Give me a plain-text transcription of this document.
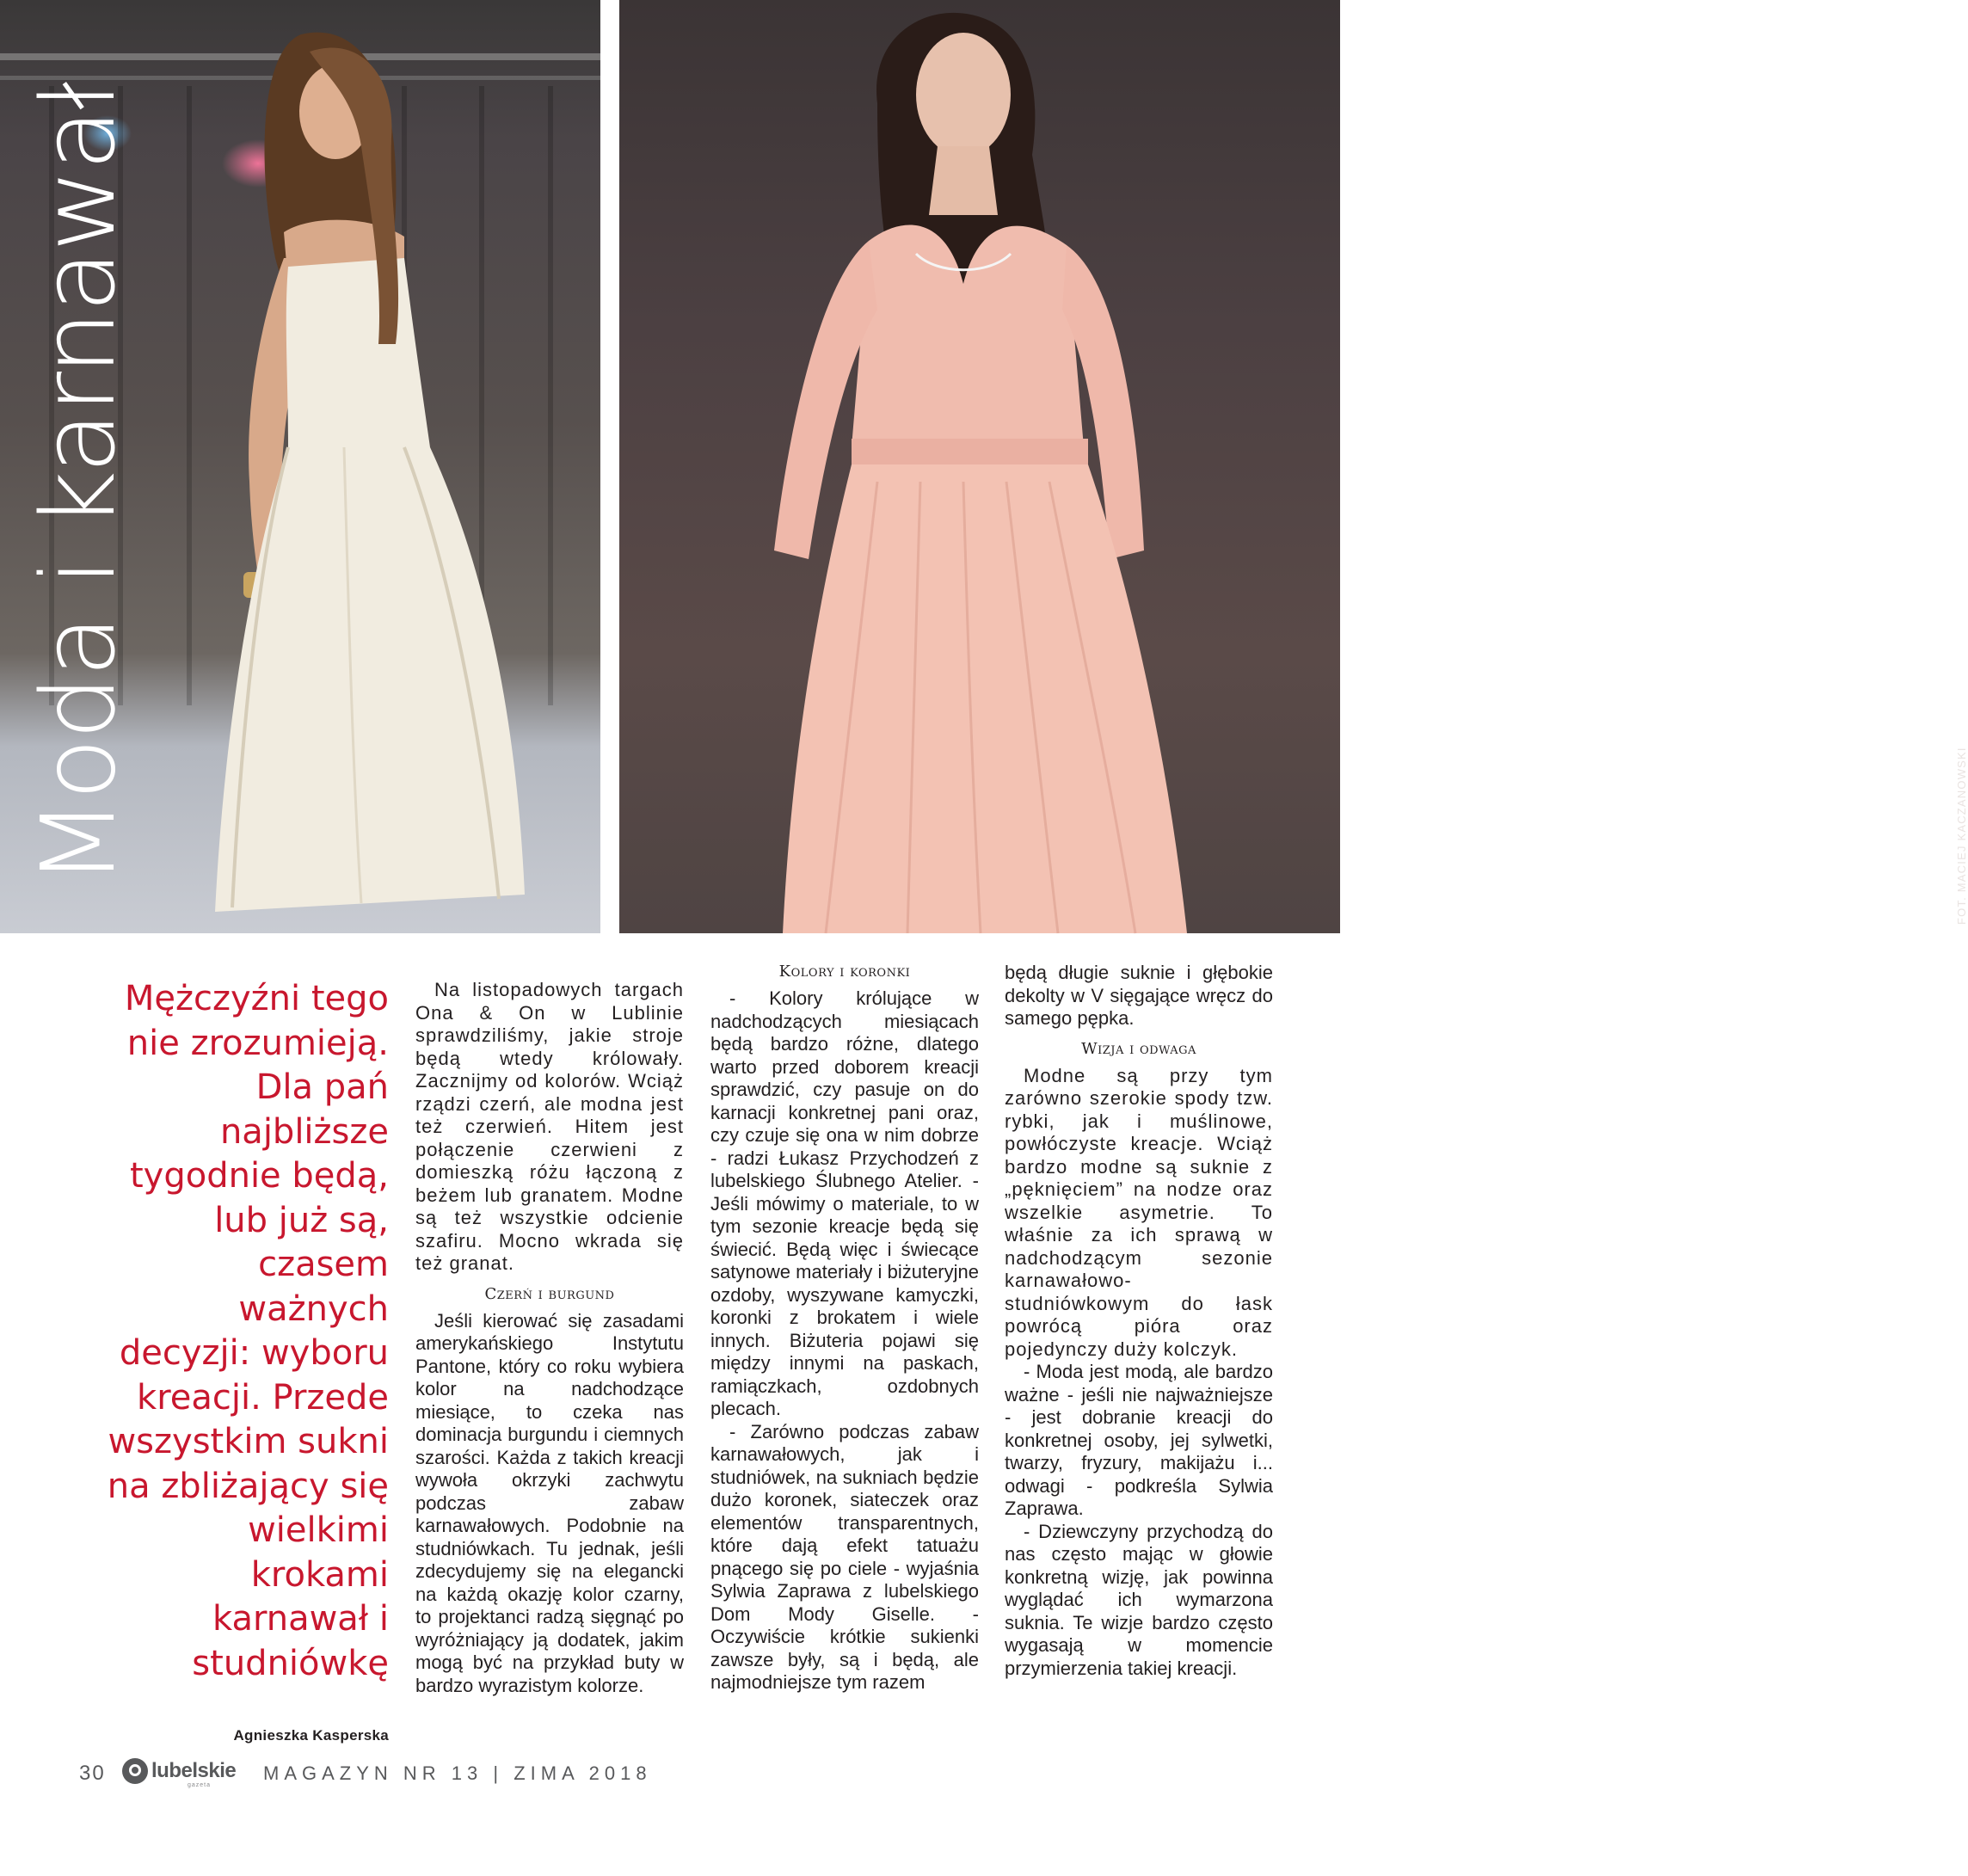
Moda i karnawał	FOT. MACIEJ KACZANOWSKI

Mężczyźni tego nie zrozumieją. Dla pań najbliższe tygodnie będą, lub już są, czasem ważnych decyzji: wyboru kreacji. Przede wszystkim sukni na zbliżający się wielkimi krokami karnawał i studniówkę

Agnieszka Kasperska

Na listopadowych targach Ona & On w Lublinie sprawdziliśmy, jakie stroje będą wtedy królowały. Zacznijmy od kolorów. Wciąż rządzi czerń, ale modna jest też czerwień. Hitem jest połączenie czerwieni z domieszką różu łączoną z beżem lub granatem. Modne są też wszystkie odcienie szafiru. Mocno wkrada się też granat.

Czerń i burgund

Jeśli kierować się zasadami amerykańskiego Instytutu Pantone, który co roku wybiera kolor na nadchodzące miesiące, to czeka nas dominacja burgundu i ciemnych szarości. Każda z takich kreacji wywoła okrzyki zachwytu podczas zabaw karnawałowych. Podobnie na studniówkach. Tu jednak, jeśli zdecydujemy się na elegancki na każdą okazję kolor czarny, to projektanci radzą sięgnąć po wyróżniający ją dodatek, jakim mogą być na przykład buty w bardzo wyrazistym kolorze.

Kolory i koronki

- Kolory królujące w nadchodzących miesiącach będą bardzo różne, dlatego warto przed doborem kreacji sprawdzić, czy pasuje on do karnacji konkretnej pani oraz, czy czuje się ona w nim dobrze - radzi Łukasz Przychodzeń z lubelskiego Ślubnego Atelier. - Jeśli mówimy o materiale, to w tym sezonie kreacje będą się świecić. Będą więc i świecące satynowe materiały i biżuteryjne ozdoby, wyszywane kamyczki, koronki z brokatem i wiele innych. Biżuteria pojawi się między innymi na paskach, ramiączkach, ozdobnych plecach.

- Zarówno podczas zabaw karnawałowych, jak i studniówek, na sukniach będzie dużo koronek, siateczek oraz elementów transparentnych, które dają efekt tatuażu pnącego się po ciele - wyjaśnia Sylwia Zaprawa z lubelskiego Dom Mody Giselle. - Oczywiście krótkie sukienki zawsze były, są i będą, ale najmodniejsze tym razem

będą długie suknie i głębokie dekolty w V sięgające wręcz do samego pępka.

Wizja i odwaga

Modne są przy tym zarówno szerokie spody tzw. rybki, jak i muślinowe, powłóczyste kreacje. Wciąż bardzo modne są suknie z „pęknięciem” na nodze oraz wszelkie asymetrie. To właśnie za ich sprawą w nadchodzącym sezonie karnawałowo-studniówkowym do łask powrócą pióra oraz pojedynczy duży kolczyk.

- Moda jest modą, ale bardzo ważne - jeśli nie najważniejsze - jest dobranie kreacji do konkretnej osoby, jej sylwetki, twarzy, fryzury, makijażu i... odwagi - podkreśla Sylwia Zaprawa.

- Dziewczyny przychodzą do nas często mając w głowie konkretną wizję, jak powinna wyglądać ich wymarzona suknia. Te wizje bardzo często wygasają w momencie przymierzenia takiej kreacji.

30 lubelskie
gazeta
MAGAZYN NR 13 | ZIMA 2018
